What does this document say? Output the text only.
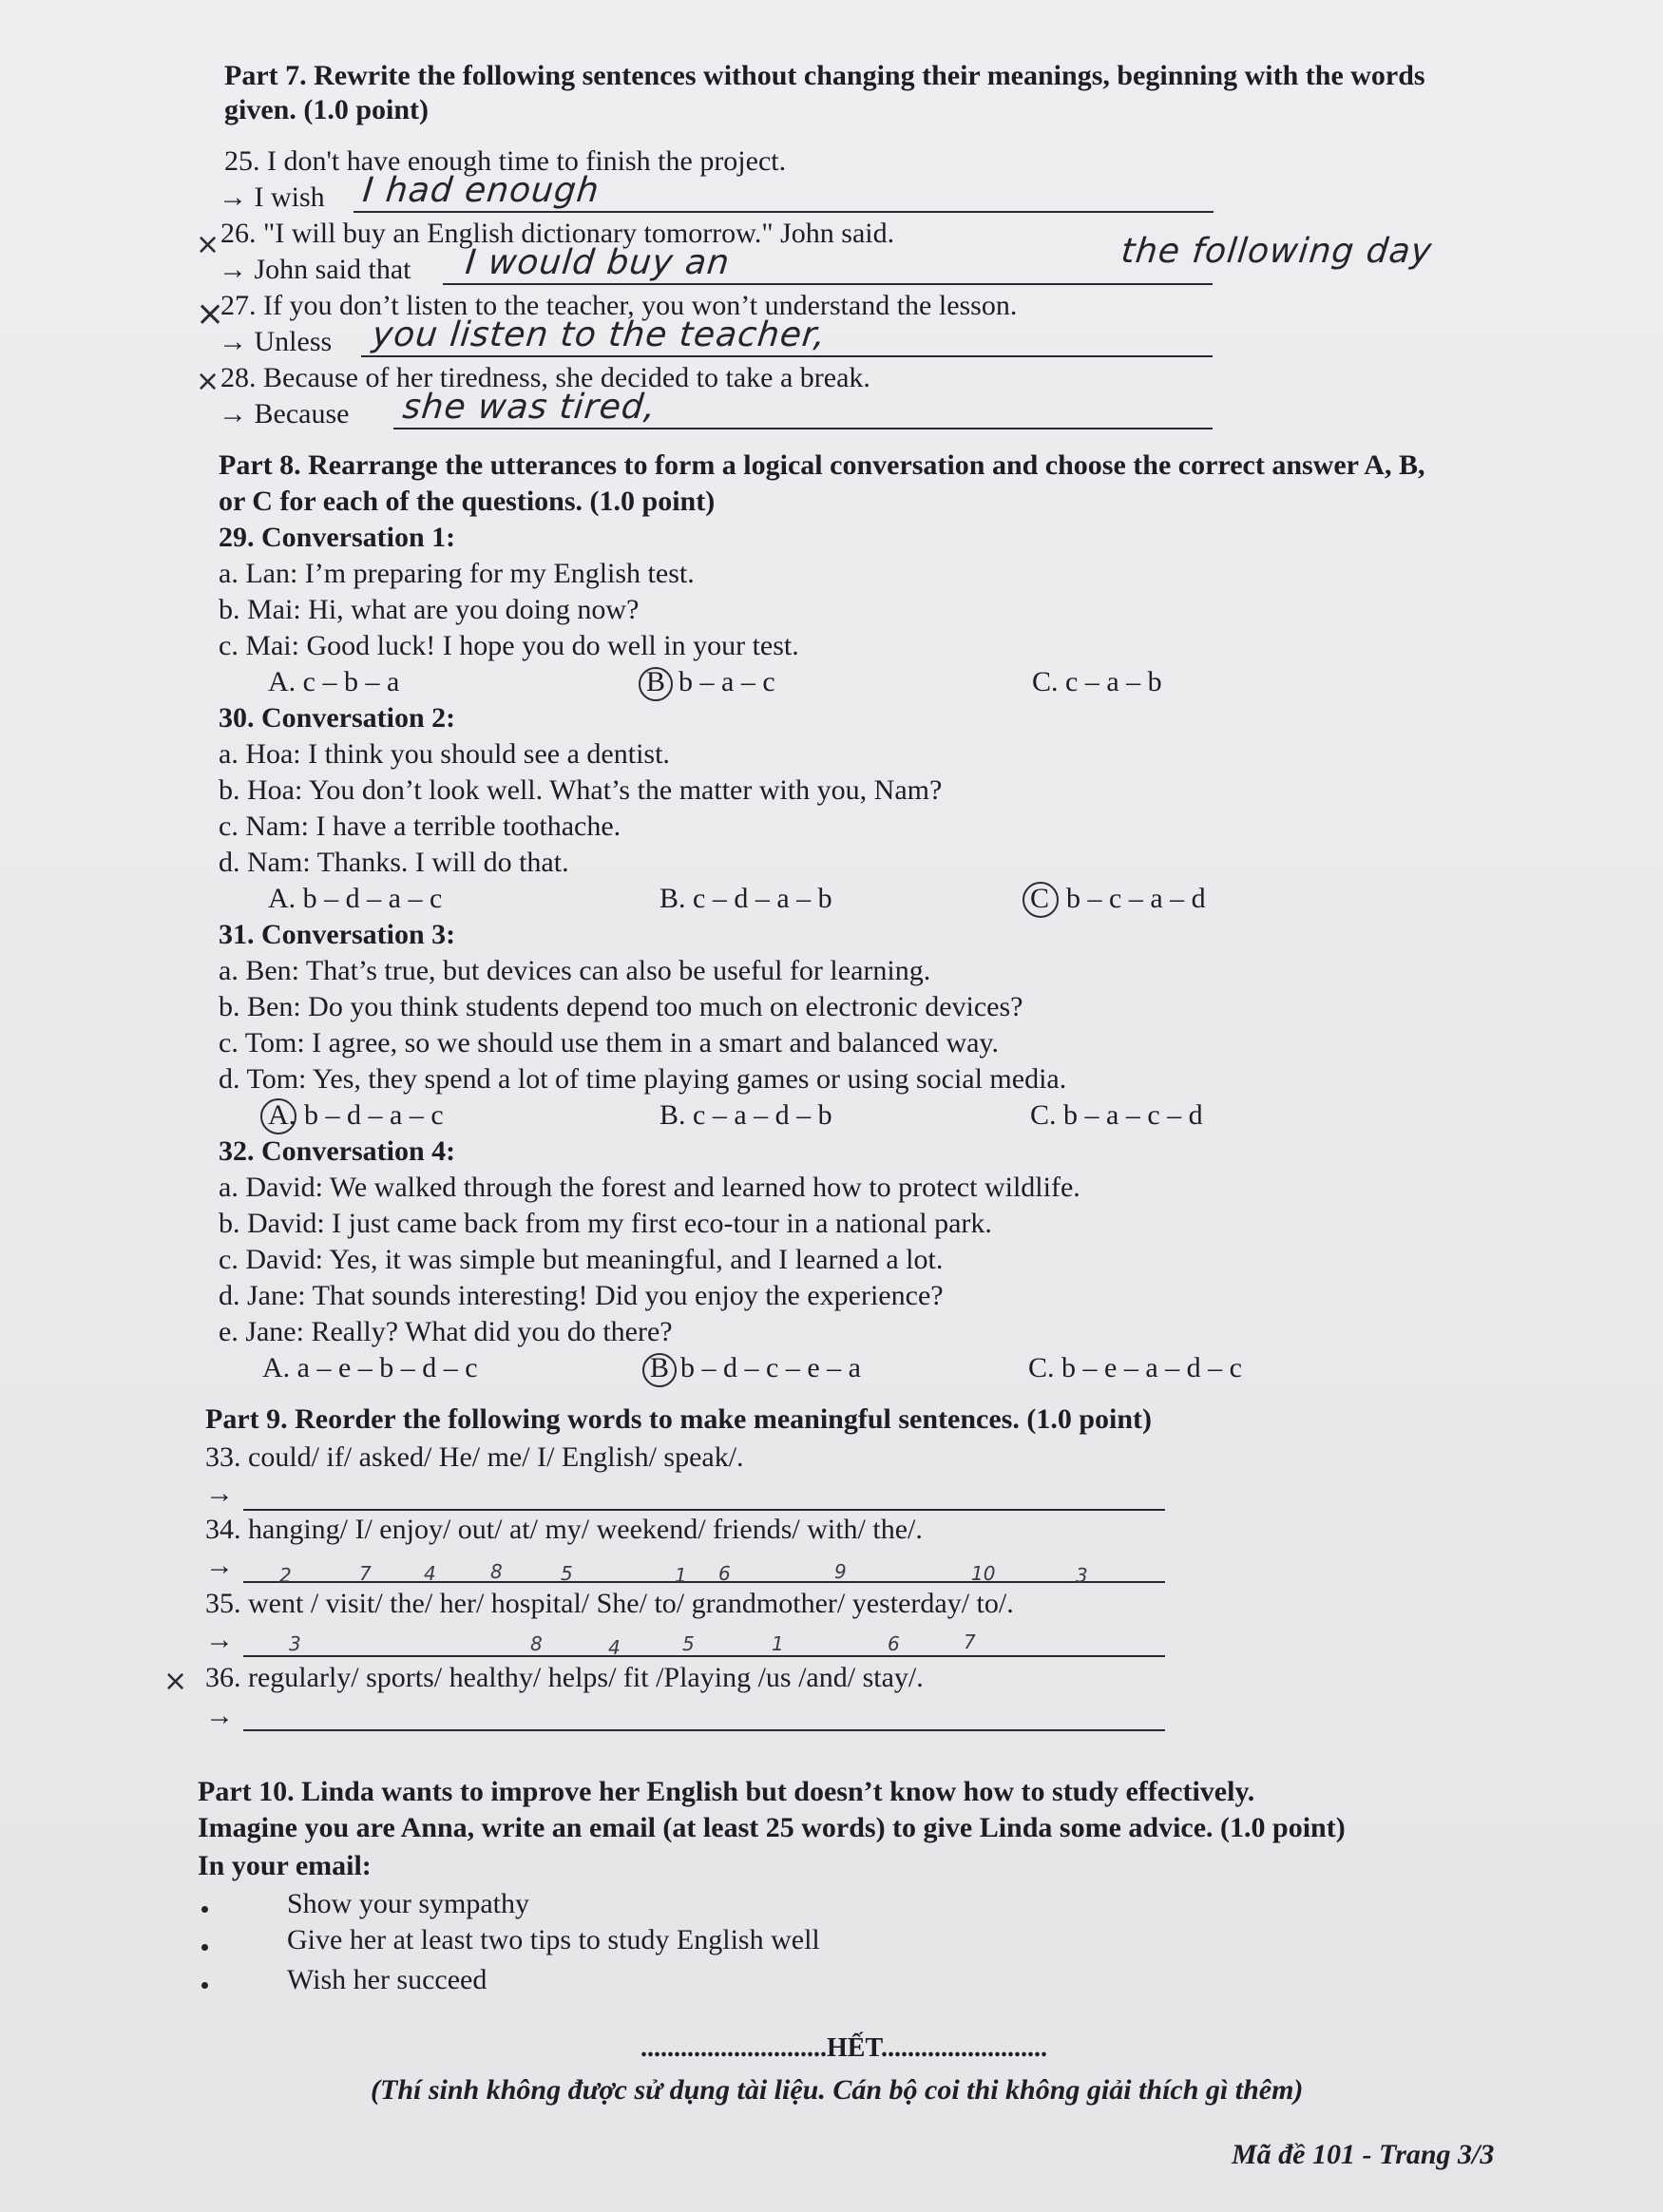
Part 7. Rewrite the following sentences without changing their meanings, beginning with the words
given. (1.0 point)
25. I don't have enough time to finish the project.
→ I wish I had enough
× 26. "I will buy an English dictionary tomorrow." John said.
→ John said that I would buy an	the following day
⨯
27. If you don’t listen to the teacher, you won’t understand the lesson.
→ Unless you listen to the teacher,
× 28. Because of her tiredness, she decided to take a break.
→ Because she was tired,
Part 8. Rearrange the utterances to form a logical conversation and choose the correct answer A, B,
or C for each of the questions. (1.0 point)
29. Conversation 1:
a. Lan: I’m preparing for my English test.
b. Mai: Hi, what are you doing now?
c. Mai: Good luck! I hope you do well in your test.
A. c – b – a	B b – a – c	C. c – a – b
30. Conversation 2:
a. Hoa: I think you should see a dentist.
b. Hoa: You don’t look well. What’s the matter with you, Nam?
c. Nam: I have a terrible toothache.
d. Nam: Thanks. I will do that.
A. b – d – a – c	B. c – d – a – b	C b – c – a – d
31. Conversation 3:
a. Ben: That’s true, but devices can also be useful for learning.
b. Ben: Do you think students depend too much on electronic devices?
c. Tom: I agree, so we should use them in a smart and balanced way.
d. Tom: Yes, they spend a lot of time playing games or using social media.
A. b – d – a – c	B. c – a – d – b	C. b – a – c – d
32. Conversation 4:
a. David: We walked through the forest and learned how to protect wildlife.
b. David: I just came back from my first eco-tour in a national park.
c. David: Yes, it was simple but meaningful, and I learned a lot.
d. Jane: That sounds interesting! Did you enjoy the experience?
e. Jane: Really? What did you do there?
A. a – e – b – d – c	B b – d – c – e – a	C. b – e – a – d – c
Part 9. Reorder the following words to make meaningful sentences. (1.0 point)
33. could/ if/ asked/ He/ me/ I/ English/ speak/.
→
34. hanging/ I/ enjoy/ out/ at/ my/ weekend/ friends/ with/ the/.
→ 2	7	4	8	5	1 6	9	10	3
35. went / visit/ the/ her/ hospital/ She/ to/ grandmother/ yesterday/ to/.
→	3	8	4	5	1	6	7
× 36. regularly/ sports/ healthy/ helps/ fit /Playing /us /and/ stay/.
→
Part 10. Linda wants to improve her English but doesn’t know how to study effectively.
Imagine you are Anna, write an email (at least 25 words) to give Linda some advice. (1.0 point)
In your email:
Show your sympathy
Give her at least two tips to study English well
Wish her succeed
............................HẾT.........................
(Thí sinh không được sử dụng tài liệu. Cán bộ coi thi không giải thích gì thêm)
Mã đề 101 - Trang 3/3
